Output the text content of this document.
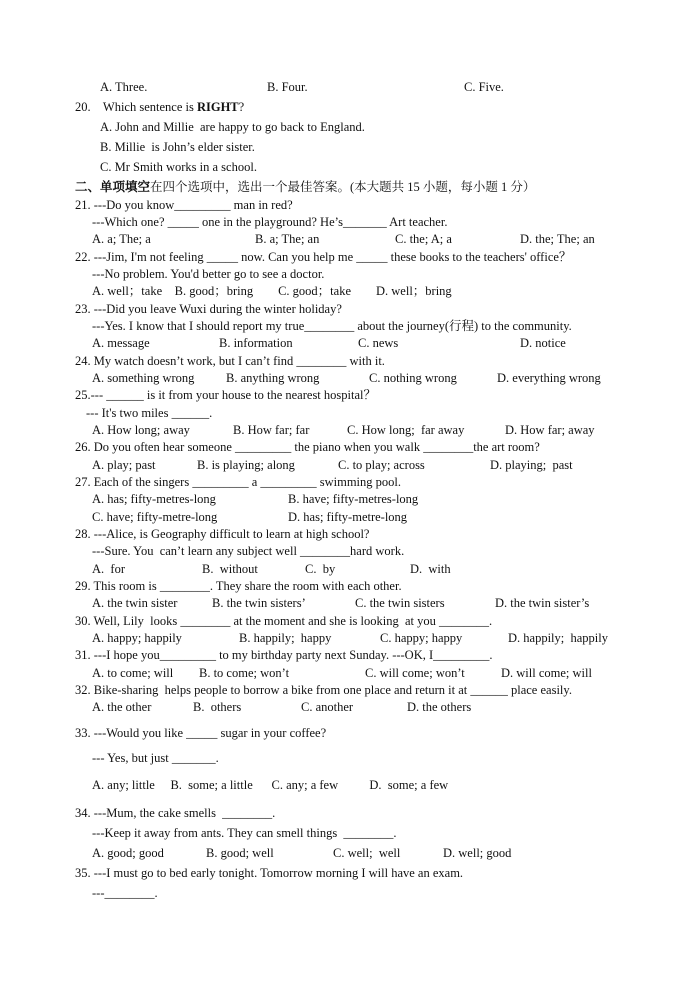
A. Three.	B. Four.	C. Five.
20.    Which sentence is RIGHT?
A. John and Millie  are happy to go back to England.
B. Millie  is John’s elder sister.
C. Mr Smith works in a school.
二、单项填空在四个选项中，选出一个最佳答案。(本大题共 15 小题，每小题 1 分）
21. ---Do you know_________ man in red?
---Which one? _____ one in the playground? He’s_______ Art teacher.
A. a; The; a	B. a; The; an	C. the; A; a	D. the; The; an
22. ---Jim, I'm not feeling _____ now. Can you help me _____ these books to the teachers' office？
---No problem. You'd better go to see a doctor.
A. well；take    B. good；bring        C. good；take        D. well；bring
23. ---Did you leave Wuxi during the winter holiday?
---Yes. I know that I should report my true________ about the journey(行程) to the community.
A. message	B. information	C. news	D. notice
24. My watch doesn’t work, but I can’t find ________ with it.
A. something wrong	B. anything wrong	C. nothing wrong	D. everything wrong
25.--- ______ is it from your house to the nearest hospital？
--- It's two miles ______.
A. How long; away	B. How far; far	C. How long;  far away	D. How far; away
26. Do you often hear someone _________ the piano when you walk ________the art room?
A. play; past	B. is playing; along	C. to play; across	D. playing;  past
27. Each of the singers _________ a _________ swimming pool.
A. has; fifty-metres-long	B. have; fifty-metres-long
C. have; fifty-metre-long	D. has; fifty-metre-long
28. ---Alice, is Geography difficult to learn at high school?
---Sure. You  can’t learn any subject well ________hard work.
A.  for	B.  without	C.  by	D.  with
29. This room is ________. They share the room with each other.
A. the twin sister	B. the twin sisters’	C. the twin sisters	D. the twin sister’s
30. Well, Lily  looks ________ at the moment and she is looking  at you ________.
A. happy; happily	B. happily;  happy	C. happy; happy	D. happily;  happily
31. ---I hope you_________ to my birthday party next Sunday. ---OK, I_________.
A. to come; will B. to come; won’t	C. will come; won’t	D. will come; will
32. Bike-sharing  helps people to borrow a bike from one place and return it at ______ place easily.
A. the other	B.  others	C. another	D. the others
33. ---Would you like _____ sugar in your coffee?
--- Yes, but just _______.
A. any; little     B.  some; a little      C. any; a few          D.  some; a few
34. ---Mum, the cake smells  ________.
---Keep it away from ants. They can smell things  ________.
A. good; good	B. good; well	C. well;  well	D. well; good
35. ---I must go to bed early tonight. Tomorrow morning I will have an exam.
---________.
